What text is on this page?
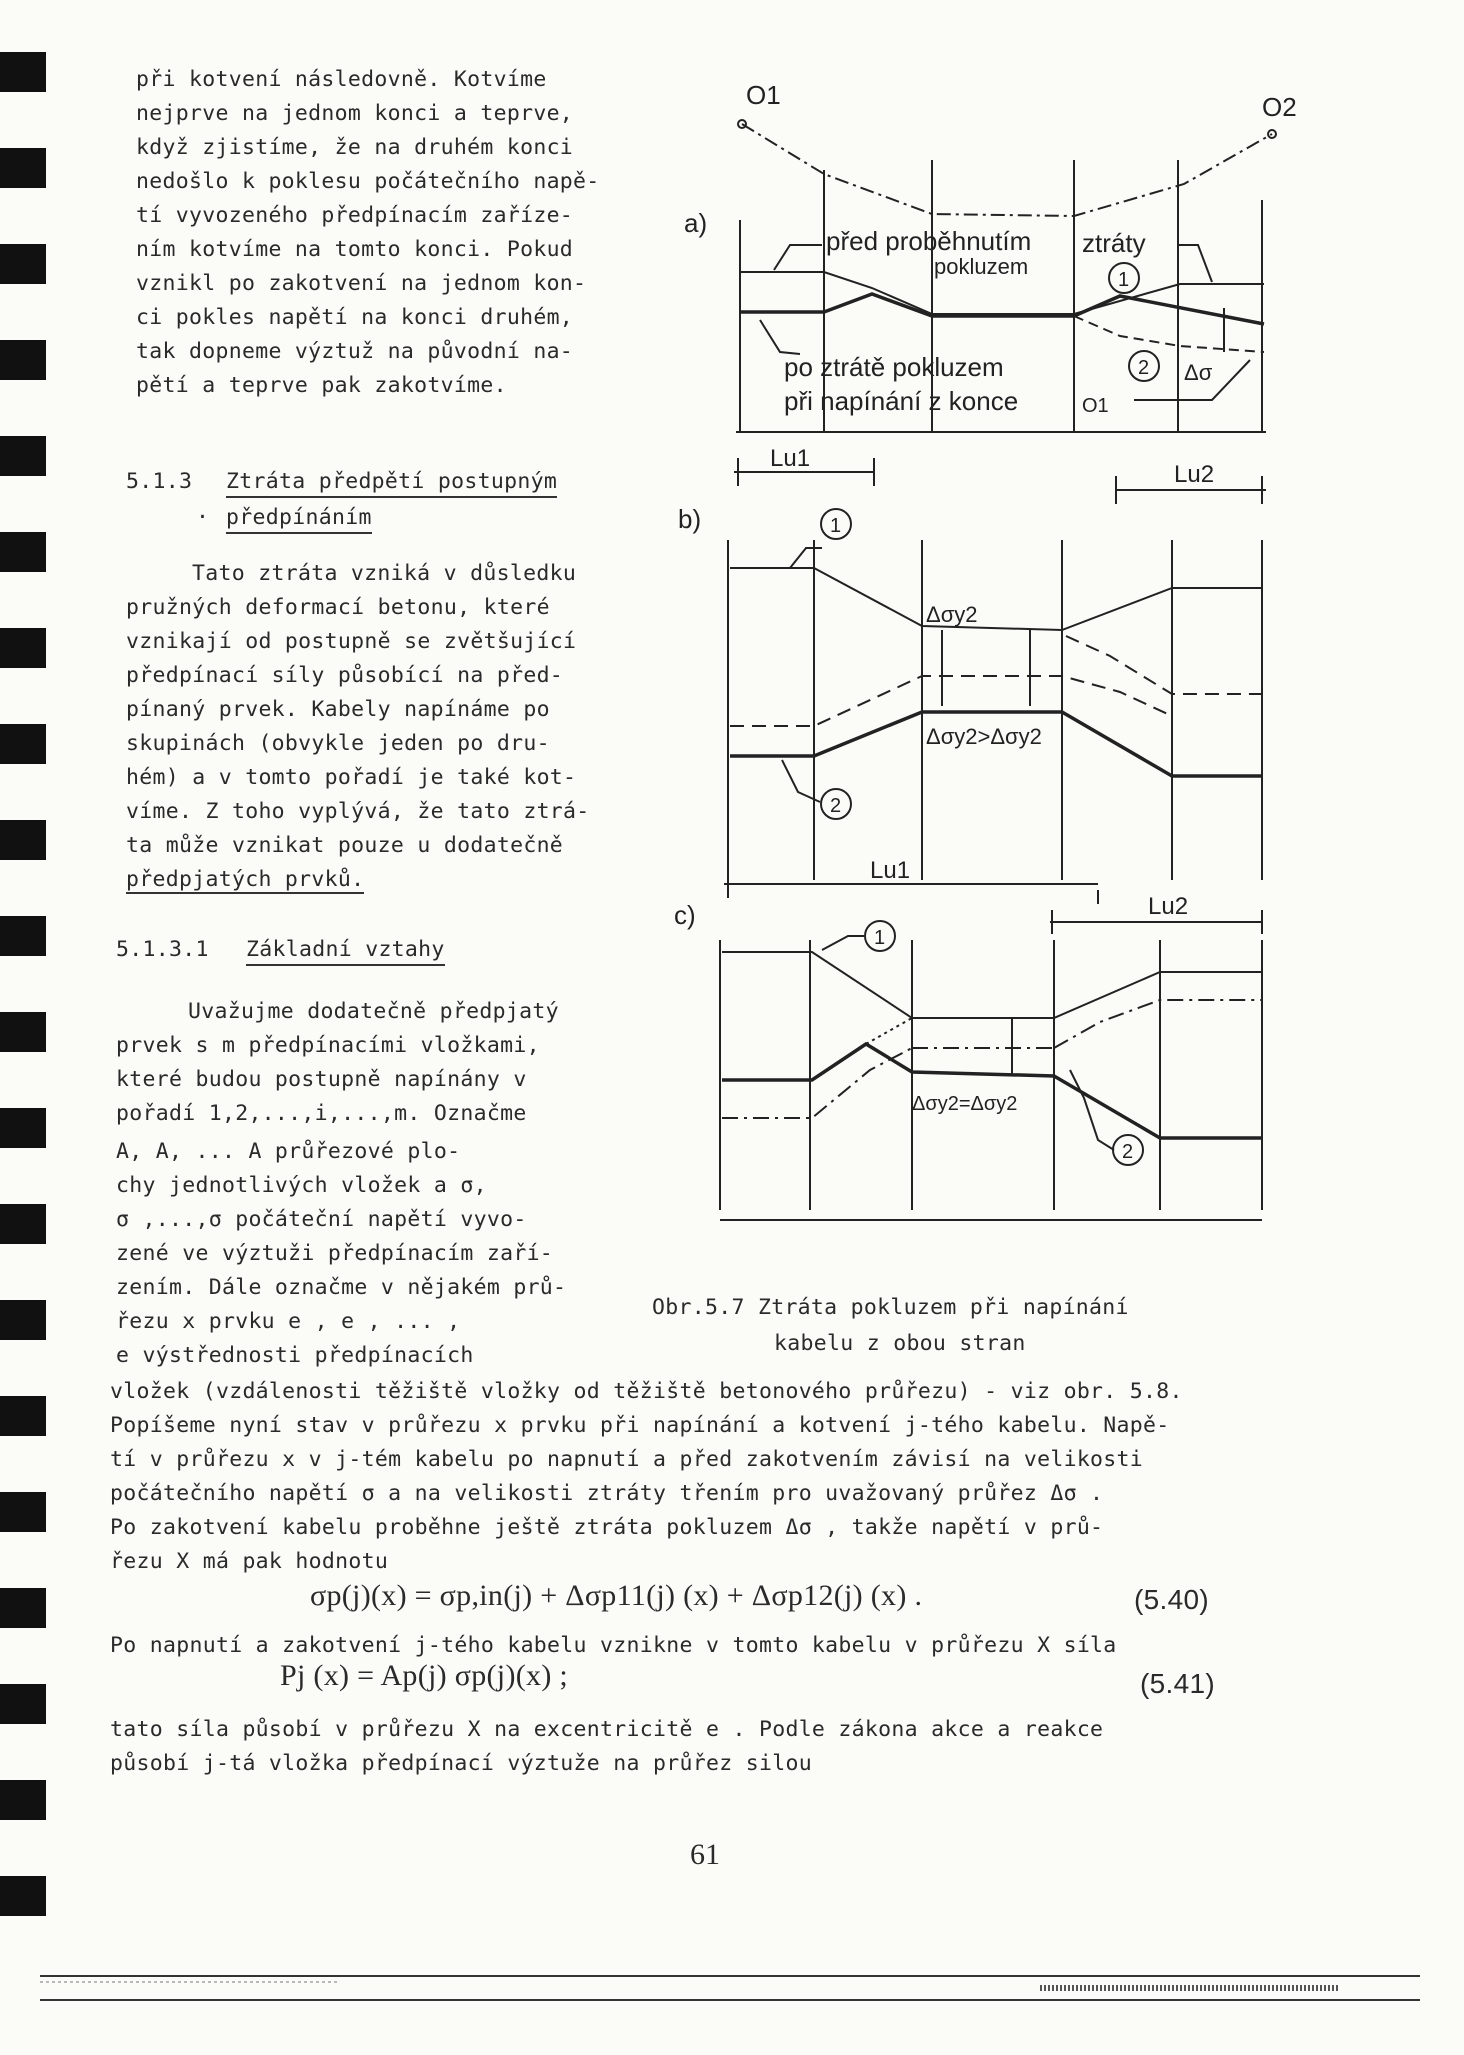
při kotvení následovně. Kotvíme
nejprve na jednom konci a teprve,
když zjistíme, že na druhém konci
nedošlo k poklesu počátečního napě-
tí vyvozeného předpínacím zaříze-
ním kotvíme na tomto konci. Pokud
vznikl po zakotvení na jednom kon-
ci pokles napětí na konci druhém,
tak dopneme výztuž na původní na-
pětí a teprve pak zakotvíme.
5.1.3 Ztráta předpětí postupným
· předpínáním
Tato ztráta vzniká v důsledku
pružných deformací betonu, které
vznikají od postupně se zvětšující
předpínací síly působící na před-
pínaný prvek. Kabely napínáme po
skupinách (obvykle jeden po dru-
hém) a v tomto pořadí je také kot-
víme. Z toho vyplývá, že tato ztrá-
ta může vznikat pouze u dodatečně
předpjatých prvků.
5.1.3.1 Základní vztahy
Uvažujme dodatečně předpjatý
prvek s m předpínacími vložkami,
které budou postupně napínány v
pořadí 1,2,...,i,...,m. Označme
A, A, ... A průřezové plo-
chy jednotlivých vložek a σ,
σ ,...,σ počáteční napětí vyvo-
zené ve výztuži předpínacím zaří-
zením. Dále označme v nějakém prů-
řezu x prvku e , e , ... ,
e výstřednosti předpínacích
vložek (vzdálenosti těžiště vložky od těžiště betonového průřezu) - viz obr. 5.8.
Popíšeme nyní stav v průřezu x prvku při napínání a kotvení j-tého kabelu. Napě-
tí v průřezu x v j-tém kabelu po napnutí a před zakotvením závisí na velikosti
počátečního napětí σ a na velikosti ztráty třením pro uvažovaný průřez Δσ .
Po zakotvení kabelu proběhne ještě ztráta pokluzem Δσ , takže napětí v prů-
řezu X má pak hodnotu
σp(j)(x) = σp,in(j) + Δσp11(j) (x) + Δσp12(j) (x) .	(5.40)
Po napnutí a zakotvení j-tého kabelu vznikne v tomto kabelu v průřezu X síla
Pj (x) = Ap(j) σp(j)(x) ;	(5.41)
tato síla působí v průřezu X na excentricitě e . Podle zákona akce a reakce
působí j-tá vložka předpínací výztuže na průřez silou
Obr.5.7 Ztráta pokluzem při napínání
kabelu z obou stran
a)
O1	O2
před proběhnutím
pokluzem
ztráty
po ztrátě pokluzem
při napínání z konce	O1
1
2 Δσ
Lu1
Lu2
b)	1
2
Δσy2
Δσy2>Δσy2
Lu1
Lu2
c)
1
2
Δσy2=Δσy2
61
